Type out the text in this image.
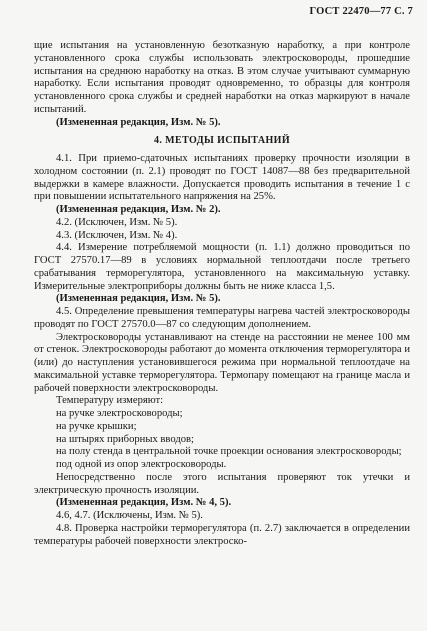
ГОСТ 22470—77 С. 7

щие испытания на установленную безотказную наработку, а при контроле установленного срока службы использовать электросковороды, прошедшие испытания на среднюю наработку на отказ. В этом случае учитывают суммарную наработку. Если испытания проводят одновременно, то образцы для контроля установленного срока службы и средней наработки на отказ маркируют в начале испытаний.

(Измененная редакция, Изм. № 5).

4. МЕТОДЫ ИСПЫТАНИЙ

4.1. При приемо-сдаточных испытаниях проверку прочности изоляции в холодном состоянии (п. 2.1) проводят по ГОСТ 14087—88 без предварительной выдержки в камере влажности. Допускается проводить испытания в течение 1 с при повышении испытательного напряжения на 25%.

(Измененная редакция, Изм. № 2).

4.2. (Исключен, Изм. № 5).

4.3. (Исключен, Изм. № 4).

4.4. Измерение потребляемой мощности (п. 1.1) должно проводиться по ГОСТ 27570.17—89 в условиях нормальной теплоотдачи после третьего срабатывания терморегулятора, установленного на максимальную уставку. Измерительные электроприборы должны быть не ниже класса 1,5.

(Измененная редакция, Изм. № 5).

4.5. Определение превышения температуры нагрева частей электросковороды проводят по ГОСТ 27570.0—87 со следующим дополнением.

Электросковороды устанавливают на стенде на расстоянии не менее 100 мм от стенок. Электросковороды работают до момента отключения терморегулятора и (или) до наступления установившегося режима при нормальной теплоотдаче на максимальной уставке терморегулятора. Термопару помещают на границе масла и рабочей поверхности электросковороды.

Температуру измеряют:

на ручке электросковороды;

на ручке крышки;

на штырях приборных вводов;

на полу стенда в центральной точке проекции основания электросковороды;

под одной из опор электросковороды.

Непосредственно после этого испытания проверяют ток утечки и электрическую прочность изоляции.

(Измененная редакция, Изм. № 4, 5).

4.6, 4.7. (Исключены, Изм. № 5).

4.8. Проверка настройки терморегулятора (п. 2.7) заключается в определении температуры рабочей поверхности электроско-
